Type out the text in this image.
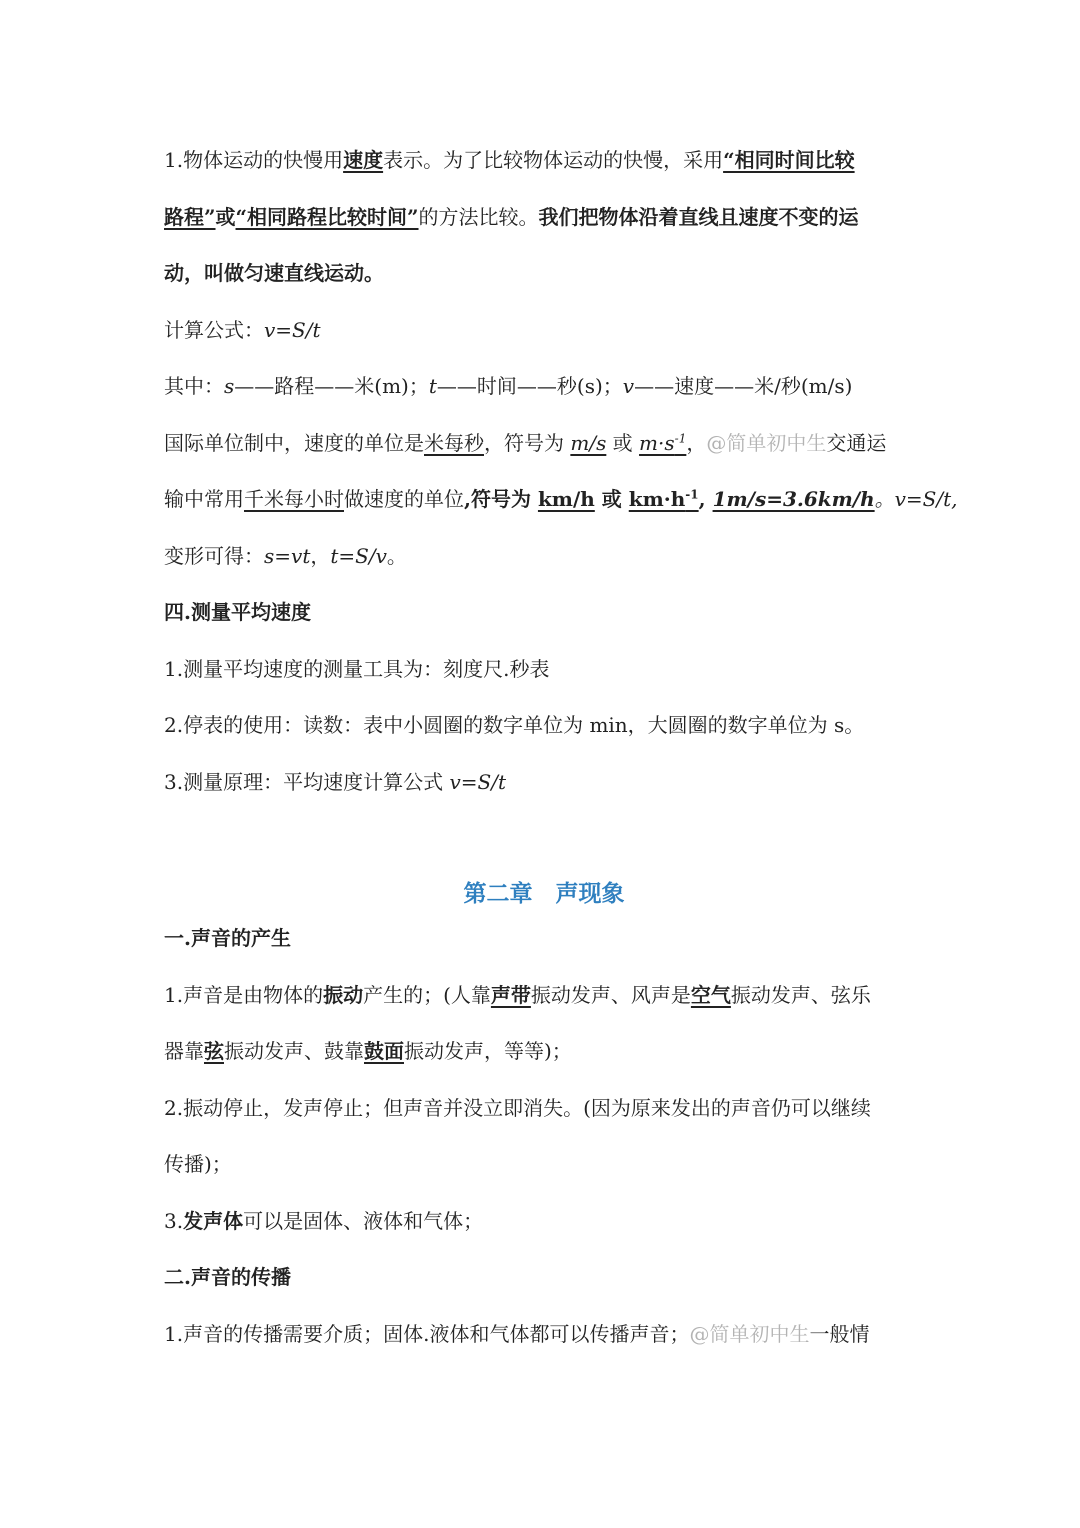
1.物体运动的快慢用速度表示。为了比较物体运动的快慢，采用“相同时间比较
路程”或“相同路程比较时间”的方法比较。我们把物体沿着直线且速度不变的运
动，叫做匀速直线运动。
计算公式：v=S/t
其中：s——路程——米(m)；t——时间——秒(s)；v——速度——米/秒(m/s)
国际单位制中，速度的单位是米每秒，符号为 m/s 或 $m\cdot s^{-1}$，@简单初中生交通运
输中常用千米每小时做速度的单位,符号为 km/h 或 $km\cdot h^{-1}$, 1m/s=3.6km/h。v=S/t,
变形可得：s=vt，t=S/v。
四.测量平均速度
1.测量平均速度的测量工具为：刻度尺.秒表
2.停表的使用：读数：表中小圆圈的数字单位为 min，大圆圈的数字单位为 s。
3.测量原理：平均速度计算公式 v=S/t
第二章　声现象
一.声音的产生
1.声音是由物体的振动产生的；(人靠声带振动发声、风声是空气振动发声、弦乐
器靠弦振动发声、鼓靠鼓面振动发声，等等)；
2.振动停止，发声停止；但声音并没立即消失。(因为原来发出的声音仍可以继续
传播)；
3.发声体可以是固体、液体和气体；
二.声音的传播
1.声音的传播需要介质；固体.液体和气体都可以传播声音；@简单初中生一般情
